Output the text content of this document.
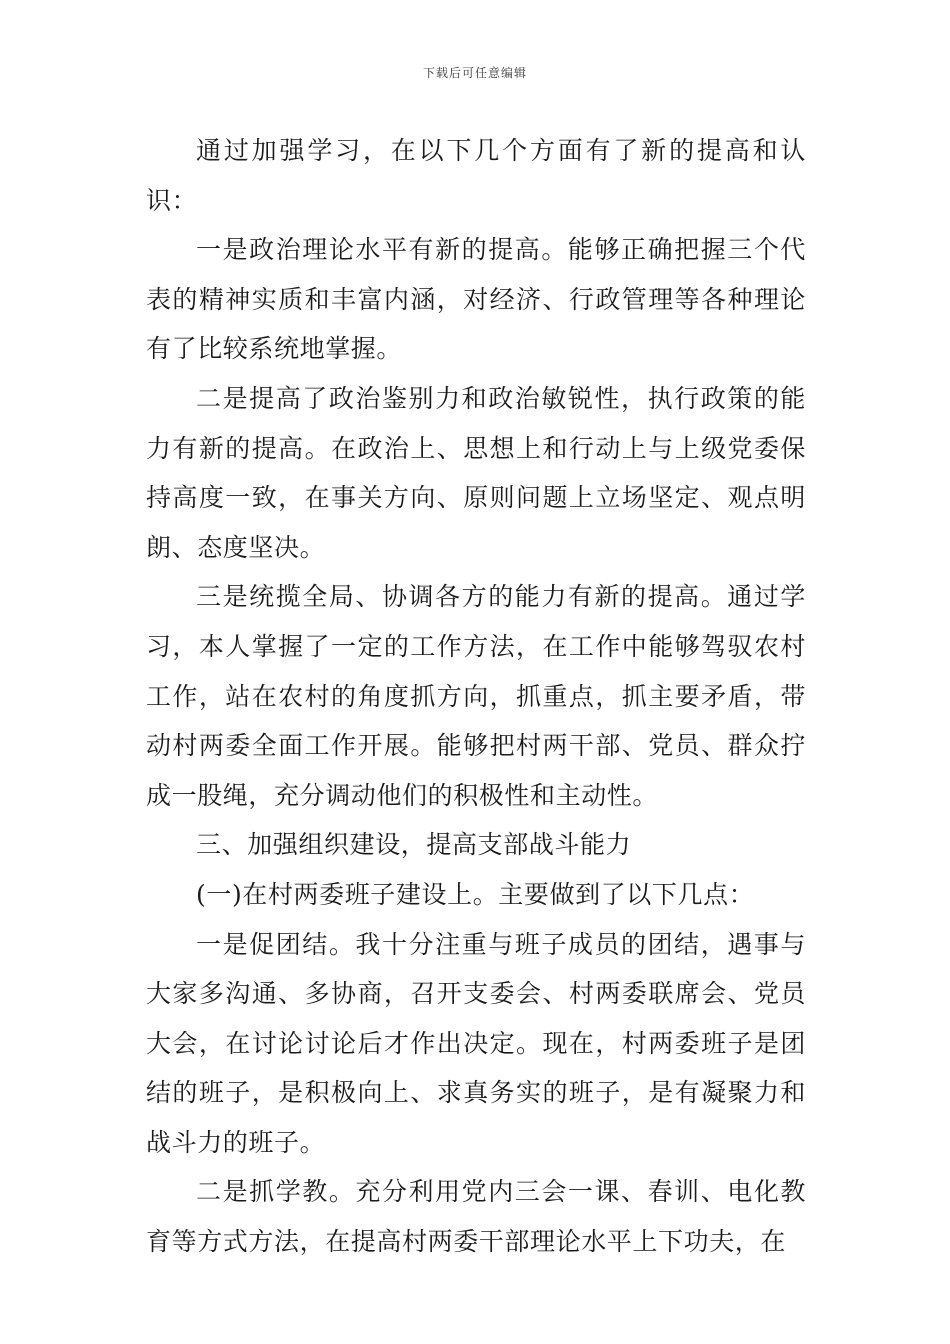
下载后可任意编辑

通过加强学习，在以下几个方面有了新的提高和认识：

一是政治理论水平有新的提高。能够正确把握三个代表的精神实质和丰富内涵，对经济、行政管理等各种理论有了比较系统地掌握。

二是提高了政治鉴别力和政治敏锐性，执行政策的能力有新的提高。在政治上、思想上和行动上与上级党委保持高度一致，在事关方向、原则问题上立场坚定、观点明朗、态度坚决。

三是统揽全局、协调各方的能力有新的提高。通过学习，本人掌握了一定的工作方法，在工作中能够驾驭农村工作，站在农村的角度抓方向，抓重点，抓主要矛盾，带动村两委全面工作开展。能够把村两干部、党员、群众拧成一股绳，充分调动他们的积极性和主动性。

三、加强组织建设，提高支部战斗能力

(一)在村两委班子建设上。主要做到了以下几点：

一是促团结。我十分注重与班子成员的团结，遇事与大家多沟通、多协商，召开支委会、村两委联席会、党员大会，在讨论讨论后才作出决定。现在，村两委班子是团结的班子，是积极向上、求真务实的班子，是有凝聚力和战斗力的班子。

二是抓学教。充分利用党内三会一课、春训、电化教育等方式方法，在提高村两委干部理论水平上下功夫，在
